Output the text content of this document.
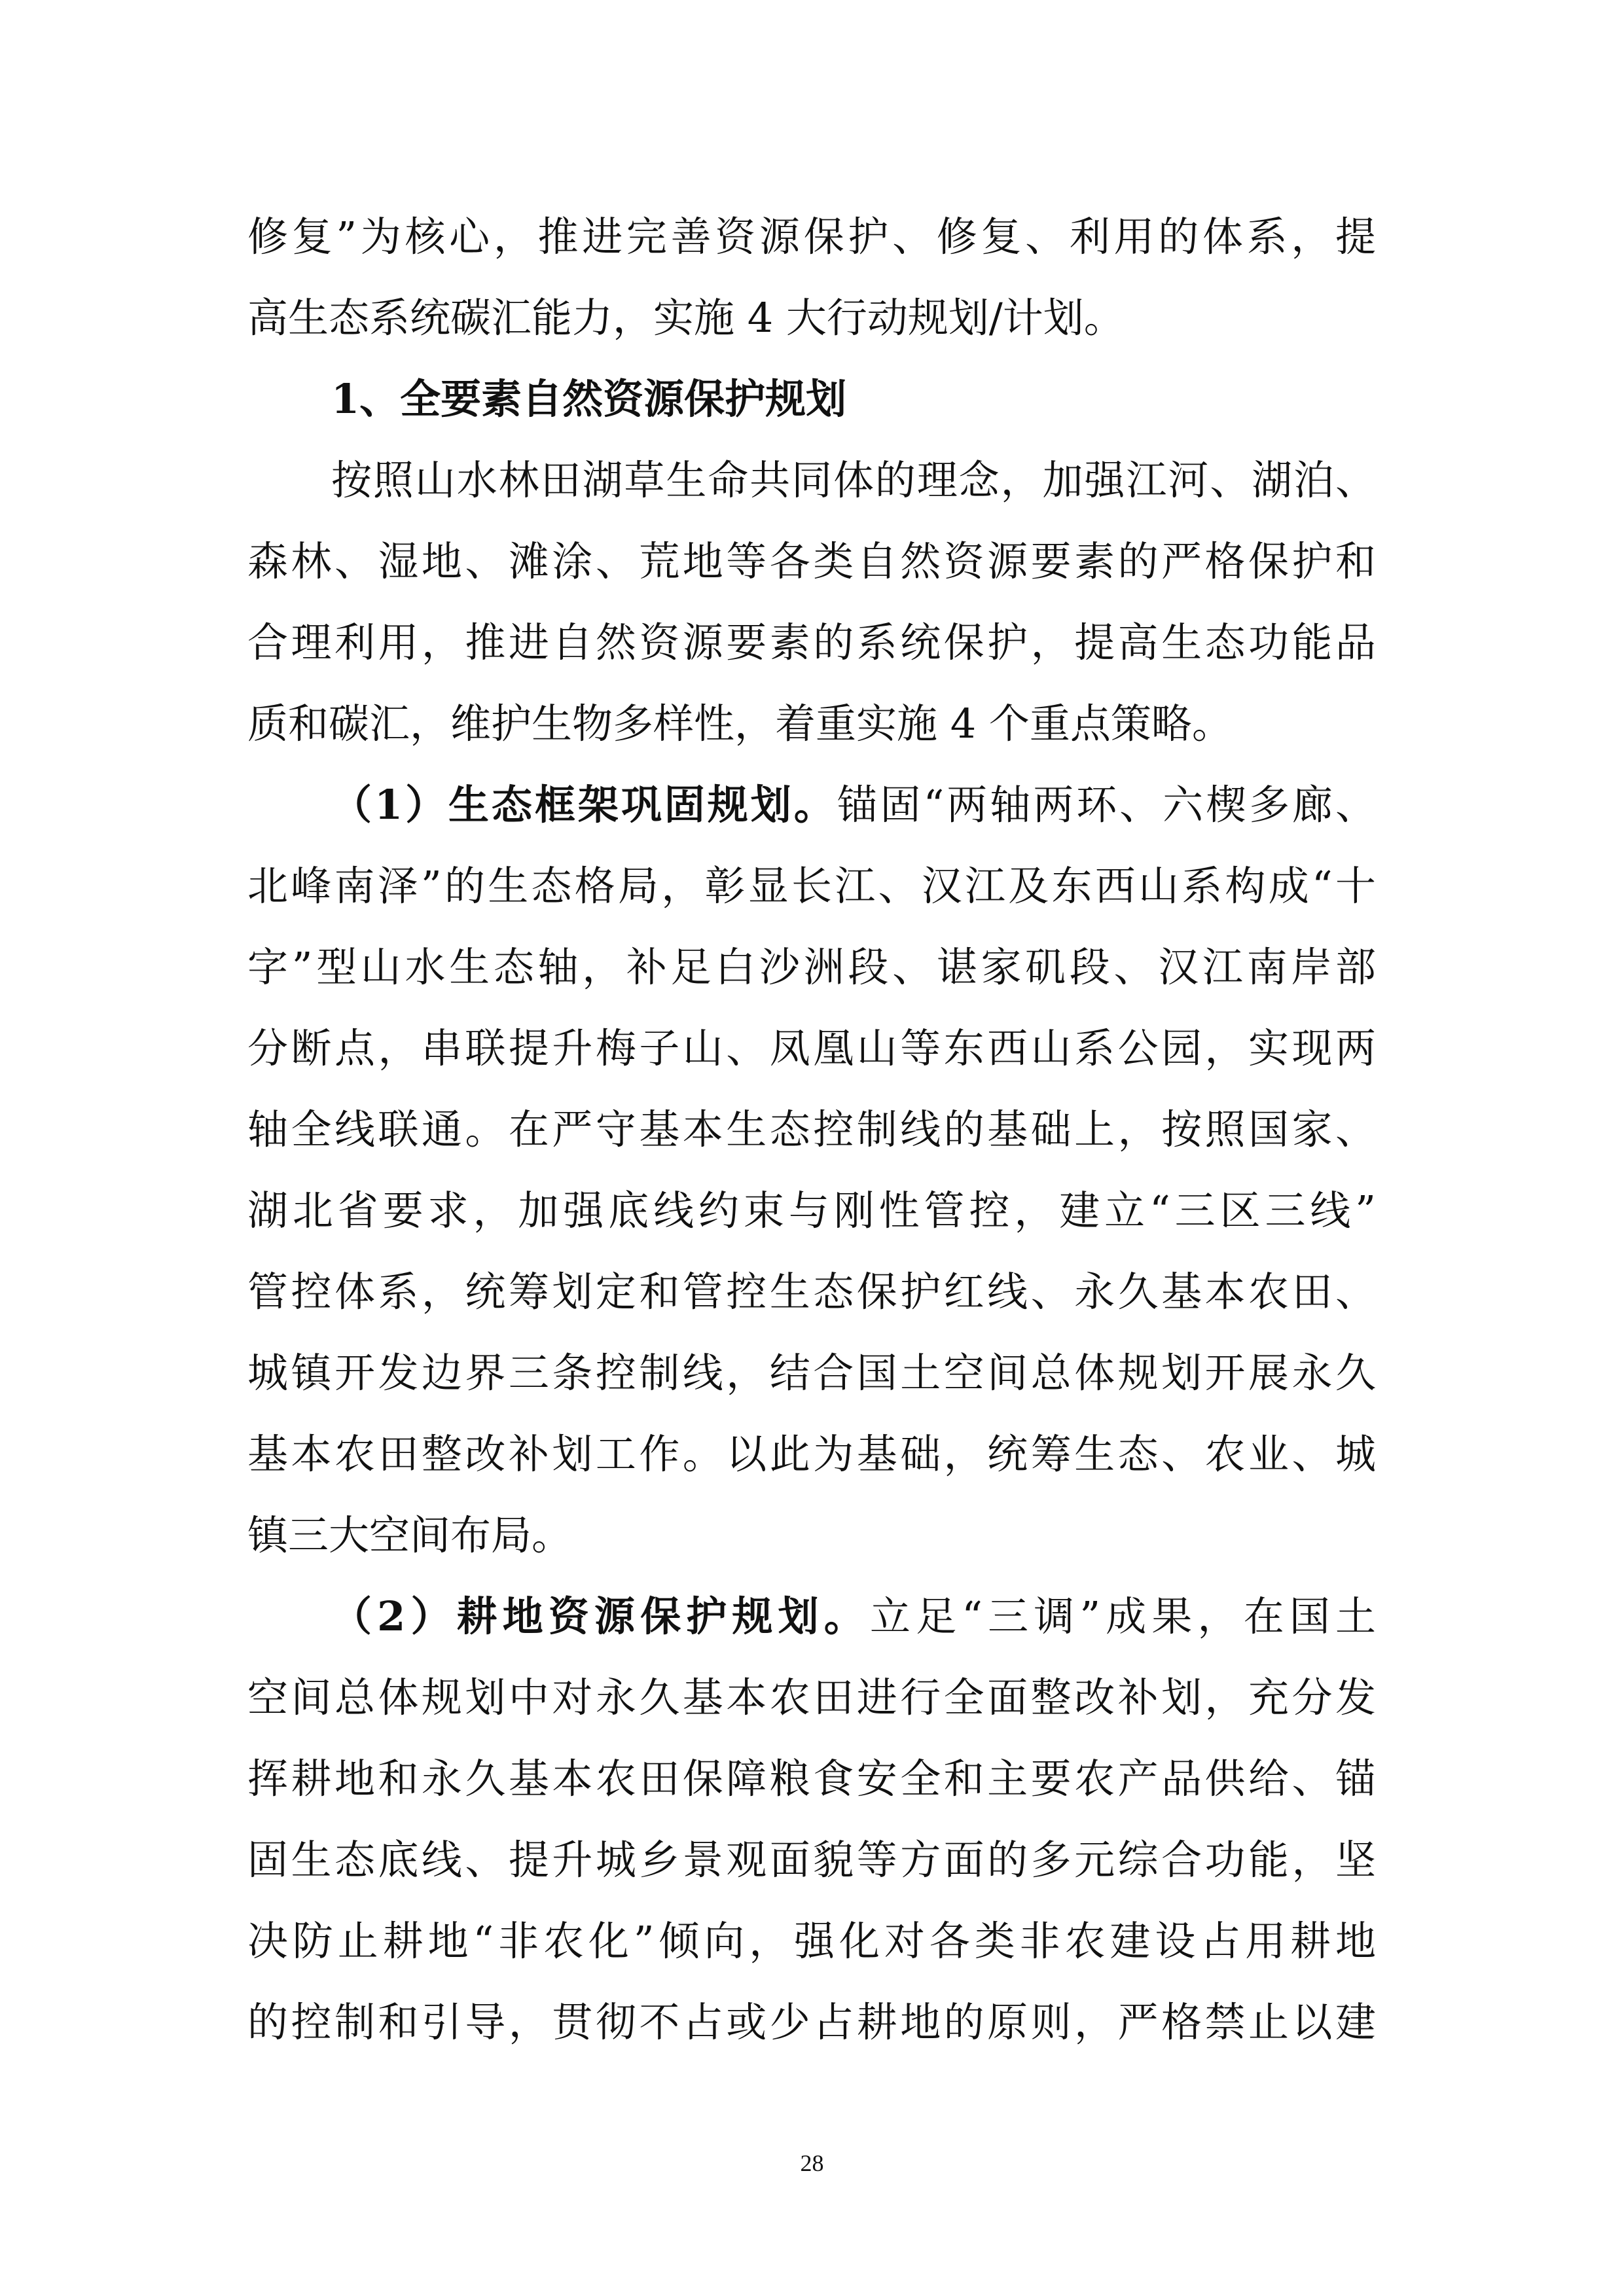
修复”为核心，推进完善资源保护、修复、利用的体系，提
高生态系统碳汇能力，实施 4 大行动规划/计划。
1、全要素自然资源保护规划
按照山水林田湖草生命共同体的理念，加强江河、湖泊、
森林、湿地、滩涂、荒地等各类自然资源要素的严格保护和
合理利用，推进自然资源要素的系统保护，提高生态功能品
质和碳汇，维护生物多样性，着重实施 4 个重点策略。
（1）生态框架巩固规划。锚固“两轴两环、六楔多廊、
北峰南泽”的生态格局，彰显长江、汉江及东西山系构成“十
字”型山水生态轴，补足白沙洲段、谌家矶段、汉江南岸部
分断点，串联提升梅子山、凤凰山等东西山系公园，实现两
轴全线联通。在严守基本生态控制线的基础上，按照国家、
湖北省要求，加强底线约束与刚性管控，建立“三区三线”
管控体系，统筹划定和管控生态保护红线、永久基本农田、
城镇开发边界三条控制线，结合国土空间总体规划开展永久
基本农田整改补划工作。以此为基础，统筹生态、农业、城
镇三大空间布局。
（2）耕地资源保护规划。立足“三调”成果，在国土
空间总体规划中对永久基本农田进行全面整改补划，充分发
挥耕地和永久基本农田保障粮食安全和主要农产品供给、锚
固生态底线、提升城乡景观面貌等方面的多元综合功能，坚
决防止耕地“非农化”倾向，强化对各类非农建设占用耕地
的控制和引导，贯彻不占或少占耕地的原则，严格禁止以建
28
